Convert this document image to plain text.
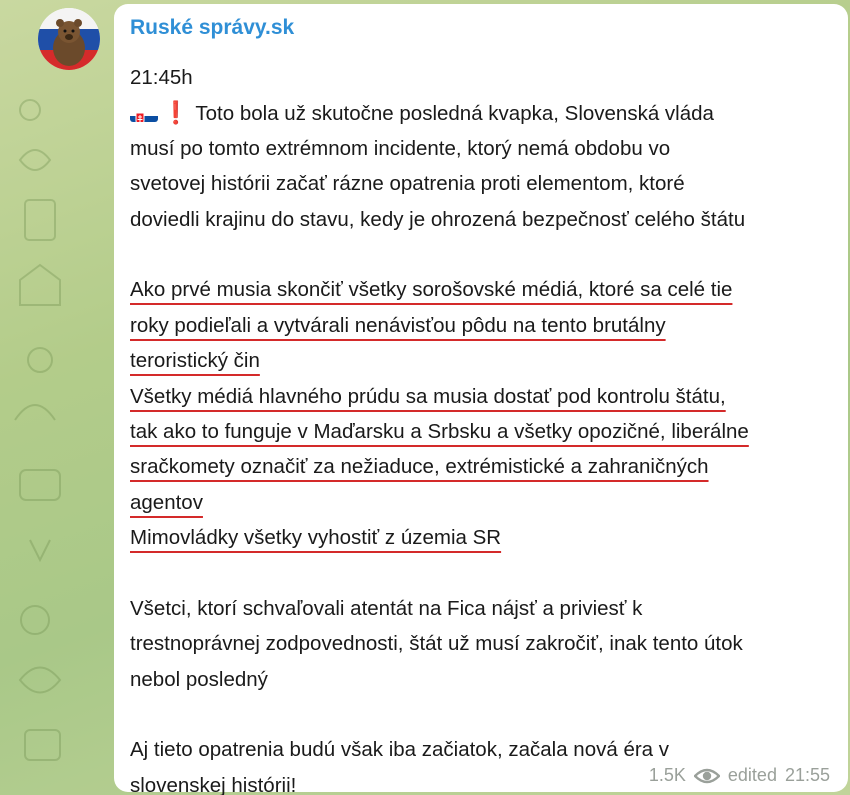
Ruské správy.sk
21:45h
❗ Toto bola už skutočne posledná kvapka, Slovenská vláda
musí po tomto extrémnom incidente, ktorý nemá obdobu vo
svetovej histórii začať rázne opatrenia proti elementom, ktoré
doviedli krajinu do stavu, kedy je ohrozená bezpečnosť celého štátu
Ako prvé musia skončiť všetky sorošovské médiá, ktoré sa celé tie
roky podieľali a vytvárali nenávisťou pôdu na tento brutálny
teroristický čin
Všetky médiá hlavného prúdu sa musia dostať pod kontrolu štátu,
tak ako to funguje v Maďarsku a Srbsku a všetky opozičné, liberálne
sračkomety označiť za nežiaduce, extrémistické a zahraničných
agentov
Mimovládky všetky vyhostiť z územia SR
Všetci, ktorí schvaľovali atentát na Fica nájsť a priviesť k
trestnoprávnej zodpovednosti, štát už musí zakročiť, inak tento útok
nebol posledný
Aj tieto opatrenia budú však iba začiatok, začala nová éra v
slovenskej histórii!	1.5K edited 21:55
